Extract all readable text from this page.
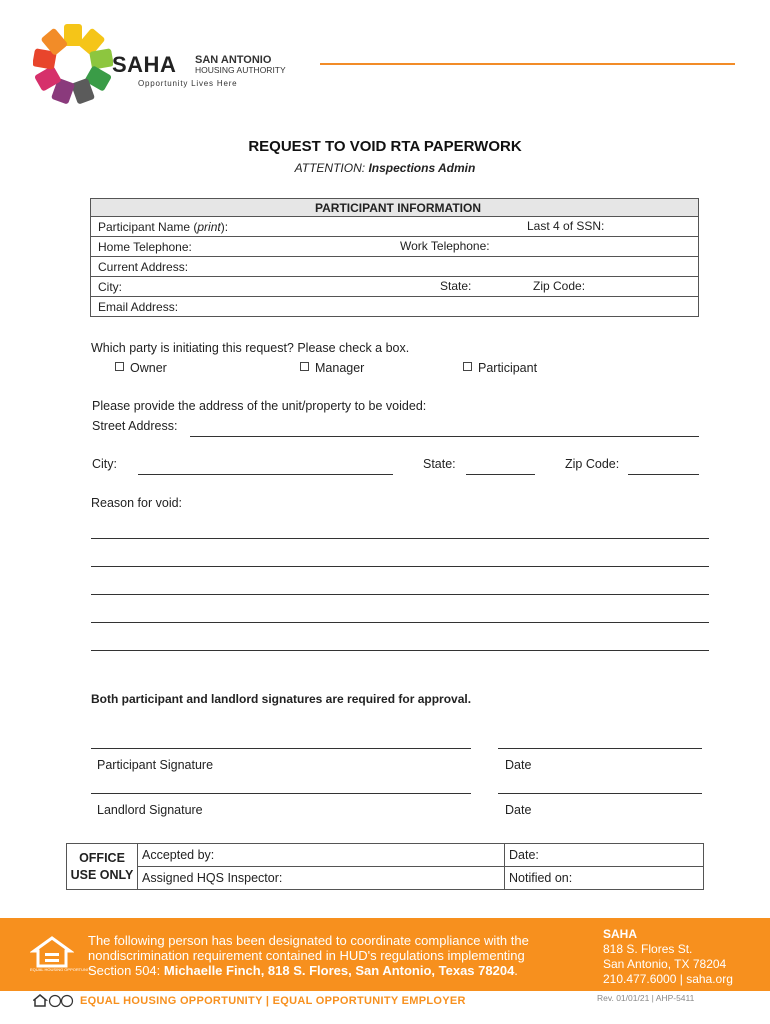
SAHA SAN ANTONIO
HOUSING AUTHORITY
Opportunity Lives Here
REQUEST TO VOID RTA PAPERWORK
ATTENTION: Inspections Admin
PARTICIPANT INFORMATION
Participant Name (print):	Last 4 of SSN:

Home Telephone:	Work Telephone:

Current Address:
City:	State:	Zip Code:

Email Address:
Which party is initiating this request? Please check a box.
Owner	Manager	Participant
Please provide the address of the unit/property to be voided:
Street Address:
City:	State:	Zip Code:
Reason for void:
Both participant and landlord signatures are required for approval.
Participant Signature	Date
Landlord Signature	Date
OFFICE
USE ONLY	Accepted by:	Date:
	Assigned HQS Inspector:	Notified on:
EQUAL HOUSING OPPORTUNITY
The following person has been designated to coordinate compliance with the
nondiscrimination requirement contained in HUD's regulations implementing
Section 504: Michaelle Finch, 818 S. Flores, San Antonio, Texas 78204.
SAHA
818 S. Flores St.
San Antonio, TX 78204
210.477.6000 | saha.org
EQUAL HOUSING OPPORTUNITY | EQUAL OPPORTUNITY EMPLOYER	Rev. 01/01/21 | AHP-5411
